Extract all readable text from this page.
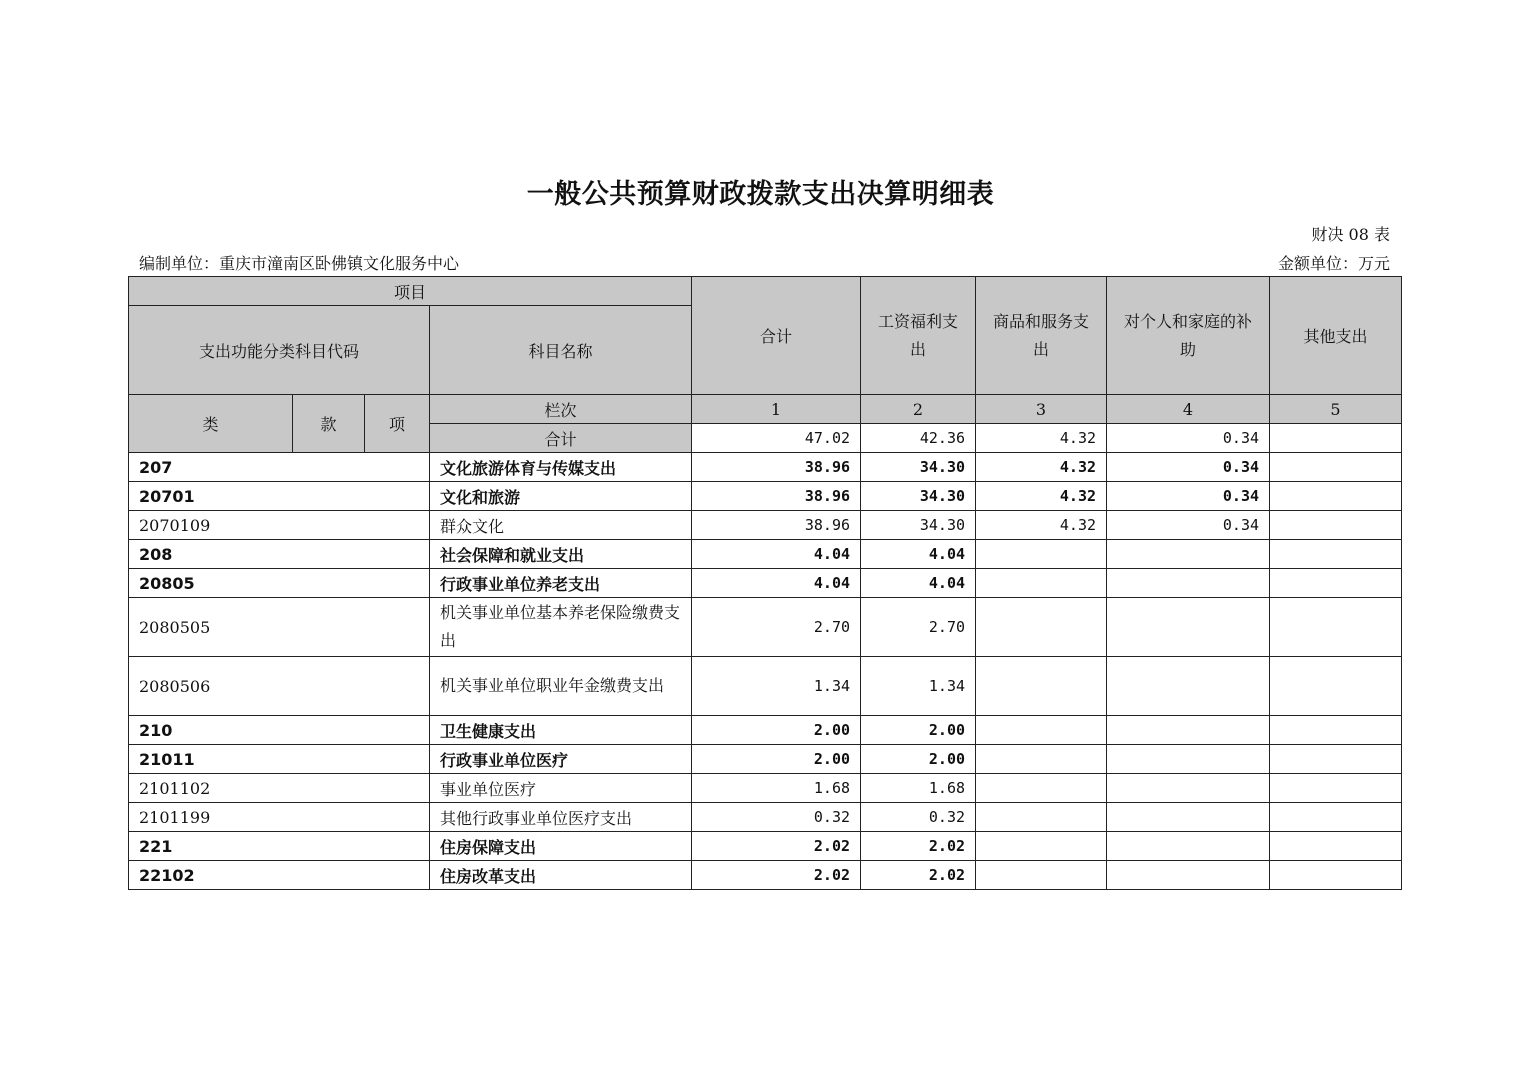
一般公共预算财政拨款支出决算明细表
财决 08 表
编制单位：重庆市潼南区卧佛镇文化服务中心	金额单位：万元
项目				合计	工资福利支出	商品和服务支出	对个人和家庭的补助	其他支出
支出功能分类科目代码			科目名称					
类	款	项	栏次	1	2	3	4	5
			合计	47.02	42.36	4.32	0.34	
207			文化旅游体育与传媒支出	38.96	34.30	4.32	0.34	
20701			文化和旅游	38.96	34.30	4.32	0.34	
2070109			群众文化	38.96	34.30	4.32	0.34	
208			社会保障和就业支出	4.04	4.04			
20805			行政事业单位养老支出	4.04	4.04			
2080505			机关事业单位基本养老保险缴费支出	2.70	2.70			
2080506			机关事业单位职业年金缴费支出	1.34	1.34			
210			卫生健康支出	2.00	2.00			
21011			行政事业单位医疗	2.00	2.00			
2101102			事业单位医疗	1.68	1.68			
2101199			其他行政事业单位医疗支出	0.32	0.32			
221			住房保障支出	2.02	2.02			
22102			住房改革支出	2.02	2.02			
